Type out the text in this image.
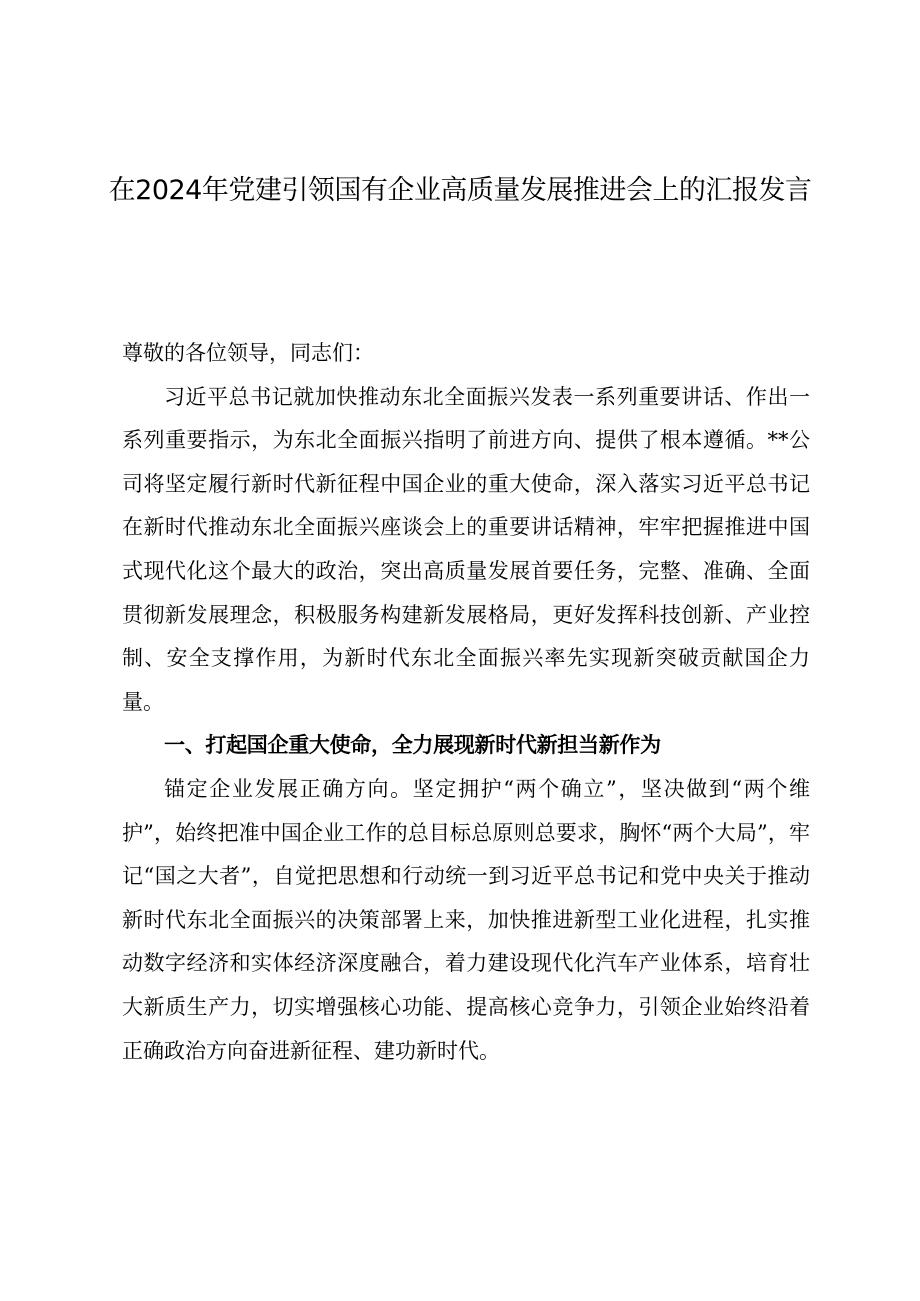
在2024年党建引领国有企业高质量发展推进会上的汇报发言

尊敬的各位领导，同志们：

习近平总书记就加快推动东北全面振兴发表一系列重要讲话、作出一系列重要指示，为东北全面振兴指明了前进方向、提供了根本遵循。**公司将坚定履行新时代新征程中国企业的重大使命，深入落实习近平总书记在新时代推动东北全面振兴座谈会上的重要讲话精神，牢牢把握推进中国式现代化这个最大的政治，突出高质量发展首要任务，完整、准确、全面贯彻新发展理念，积极服务构建新发展格局，更好发挥科技创新、产业控制、安全支撑作用，为新时代东北全面振兴率先实现新突破贡献国企力量。

一、打起国企重大使命，全力展现新时代新担当新作为

锚定企业发展正确方向。坚定拥护“两个确立”，坚决做到“两个维护”，始终把准中国企业工作的总目标总原则总要求，胸怀“两个大局”，牢记“国之大者”，自觉把思想和行动统一到习近平总书记和党中央关于推动新时代东北全面振兴的决策部署上来，加快推进新型工业化进程，扎实推动数字经济和实体经济深度融合，着力建设现代化汽车产业体系，培育壮大新质生产力，切实增强核心功能、提高核心竞争力，引领企业始终沿着正确政治方向奋进新征程、建功新时代。
